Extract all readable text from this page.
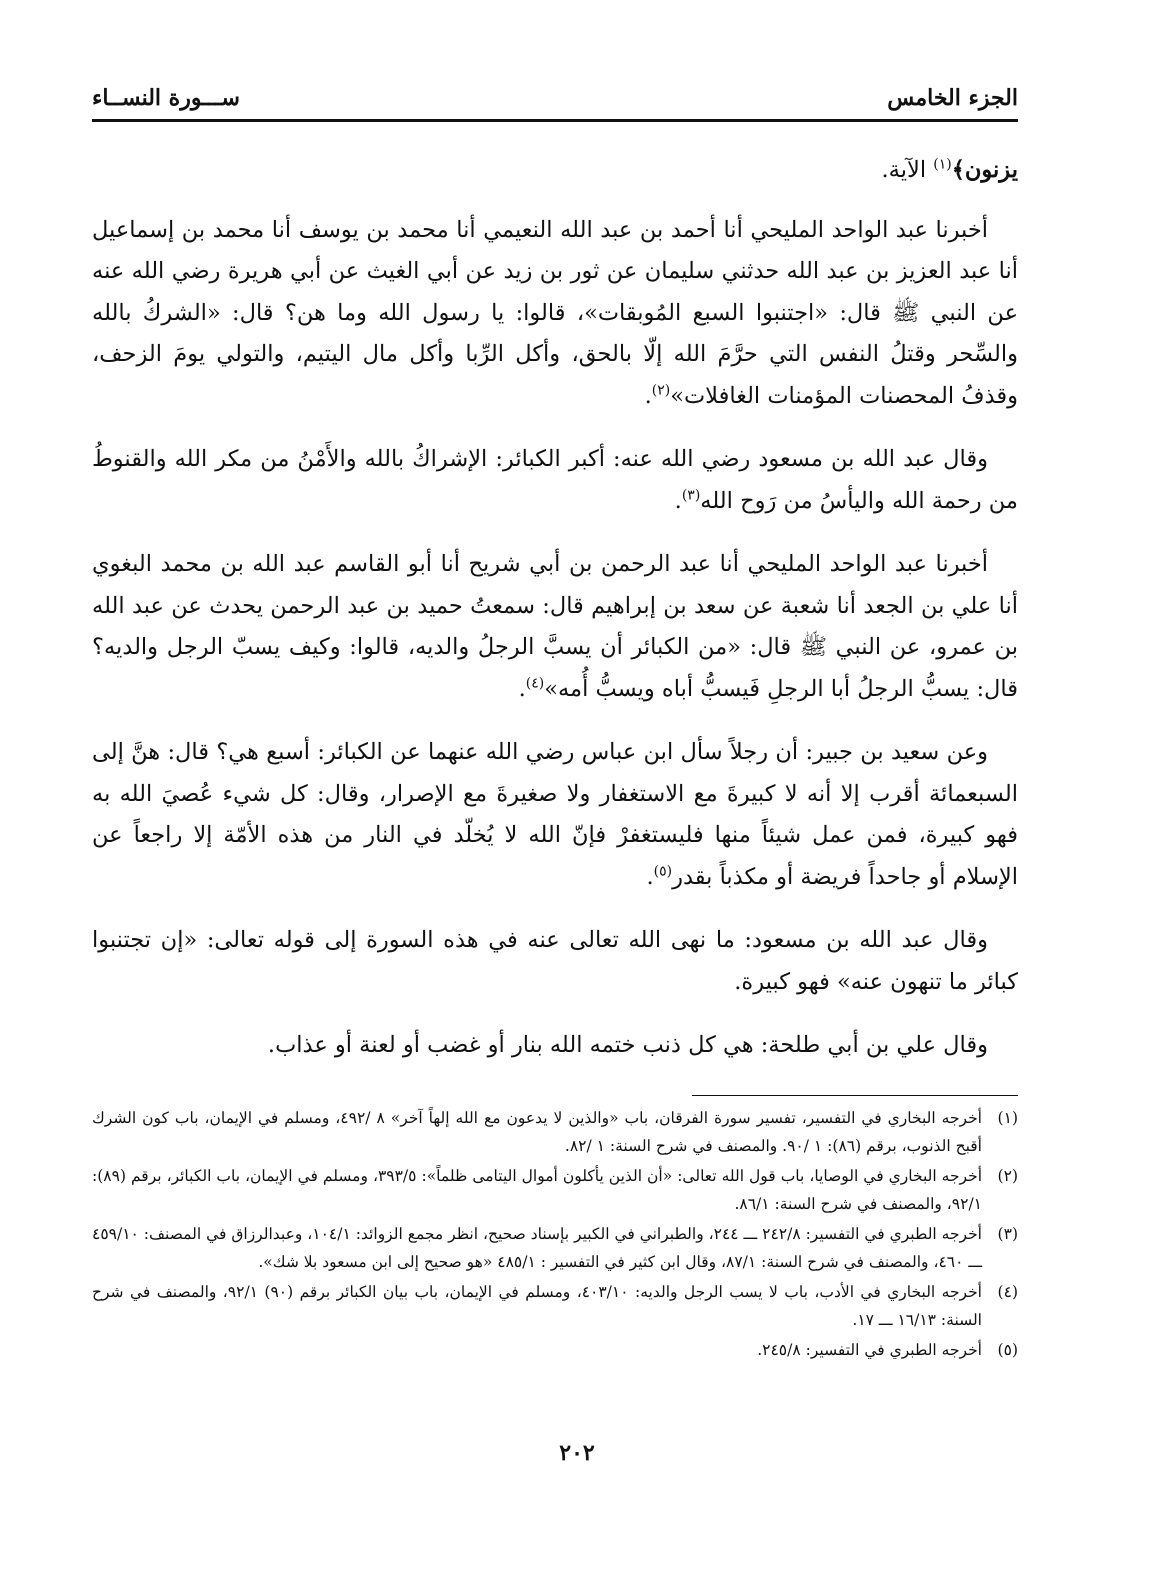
الجزء الخامس
ســـورة النســاء

يزنون﴾$^{(١)}$ الآية.

أخبرنا عبد الواحد المليحي أنا أحمد بن عبد الله النعيمي أنا محمد بن يوسف أنا محمد بن إسماعيل أنا عبد العزيز بن عبد الله حدثني سليمان عن ثور بن زيد عن أبي الغيث عن أبي هريرة رضي الله عنه عن النبي ﷺ قال: «اجتنبوا السبع المُوبقات»، قالوا: يا رسول الله وما هن؟ قال: «الشركُ بالله والسِّحر وقتلُ النفس التي حرَّمَ الله إلّا بالحق، وأكل الرِّبا وأكل مال اليتيم، والتولي يومَ الزحف، وقذفُ المحصنات المؤمنات الغافلات»$^{(٢)}$.

وقال عبد الله بن مسعود رضي الله عنه: أكبر الكبائر: الإشراكُ بالله والأَمْنُ من مكر الله والقنوطُ من رحمة الله واليأسُ من رَوح الله$^{(٣)}$.

أخبرنا عبد الواحد المليحي أنا عبد الرحمن بن أبي شريح أنا أبو القاسم عبد الله بن محمد البغوي أنا علي بن الجعد أنا شعبة عن سعد بن إبراهيم قال: سمعتُ حميد بن عبد الرحمن يحدث عن عبد الله بن عمرو، عن النبي ﷺ قال: «من الكبائر أن يسبَّ الرجلُ والديه، قالوا: وكيف يسبّ الرجل والديه؟ قال: يسبُّ الرجلُ أبا الرجلِ فَيسبُّ أباه ويسبُّ أُمه»$^{(٤)}$.

وعن سعيد بن جبير: أن رجلاً سأل ابن عباس رضي الله عنهما عن الكبائر: أسبع هي؟ قال: هنَّ إلى السبعمائة أقرب إلا أنه لا كبيرةَ مع الاستغفار ولا صغيرةَ مع الإصرار، وقال: كل شيء عُصيَ الله به فهو كبيرة، فمن عمل شيئاً منها فليستغفرْ فإنّ الله لا يُخلّد في النار من هذه الأمّة إلا راجعاً عن الإسلام أو جاحداً فريضة أو مكذباً بقدر$^{(٥)}$.

وقال عبد الله بن مسعود: ما نهى الله تعالى عنه في هذه السورة إلى قوله تعالى: «إن تجتنبوا كبائر ما تنهون عنه» فهو كبيرة.

وقال علي بن أبي طلحة: هي كل ذنب ختمه الله بنار أو غضب أو لعنة أو عذاب.

(١)
أخرجه البخاري في التفسير، تفسير سورة الفرقان، باب «والذين لا يدعون مع الله إلهاً آخر» ٨ /٤٩٢، ومسلم في الإيمان، باب كون الشرك أقبح الذنوب، برقم (٨٦): ١ /٩٠. والمصنف في شرح السنة: ١ /٨٢.
(٢)
أخرجه البخاري في الوصايا، باب قول الله تعالى: «أن الذين يأكلون أموال اليتامى ظلماً»: ٣٩٣/٥، ومسلم في الإيمان، باب الكبائر، برقم (٨٩): ٩٢/١، والمصنف في شرح السنة: ٨٦/١.
(٣)
أخرجه الطبري في التفسير: ٢٤٢/٨ ـــ ٢٤٤، والطبراني في الكبير بإسناد صحيح، انظر مجمع الزوائد: ١٠٤/١، وعبدالرزاق في المصنف: ٤٥٩/١٠ ـــ ٤٦٠، والمصنف في شرح السنة: ٨٧/١، وقال ابن كثير في التفسير : ٤٨٥/١ «هو صحيح إلى ابن مسعود بلا شك».
(٤)
أخرجه البخاري في الأدب، باب لا يسب الرجل والديه: ٤٠٣/١٠، ومسلم في الإيمان، باب بيان الكبائر برقم (٩٠) ٩٢/١، والمصنف في شرح السنة: ١٦/١٣ ـــ ١٧.
(٥)
أخرجه الطبري في التفسير: ٢٤٥/٨.
٢٠٢
